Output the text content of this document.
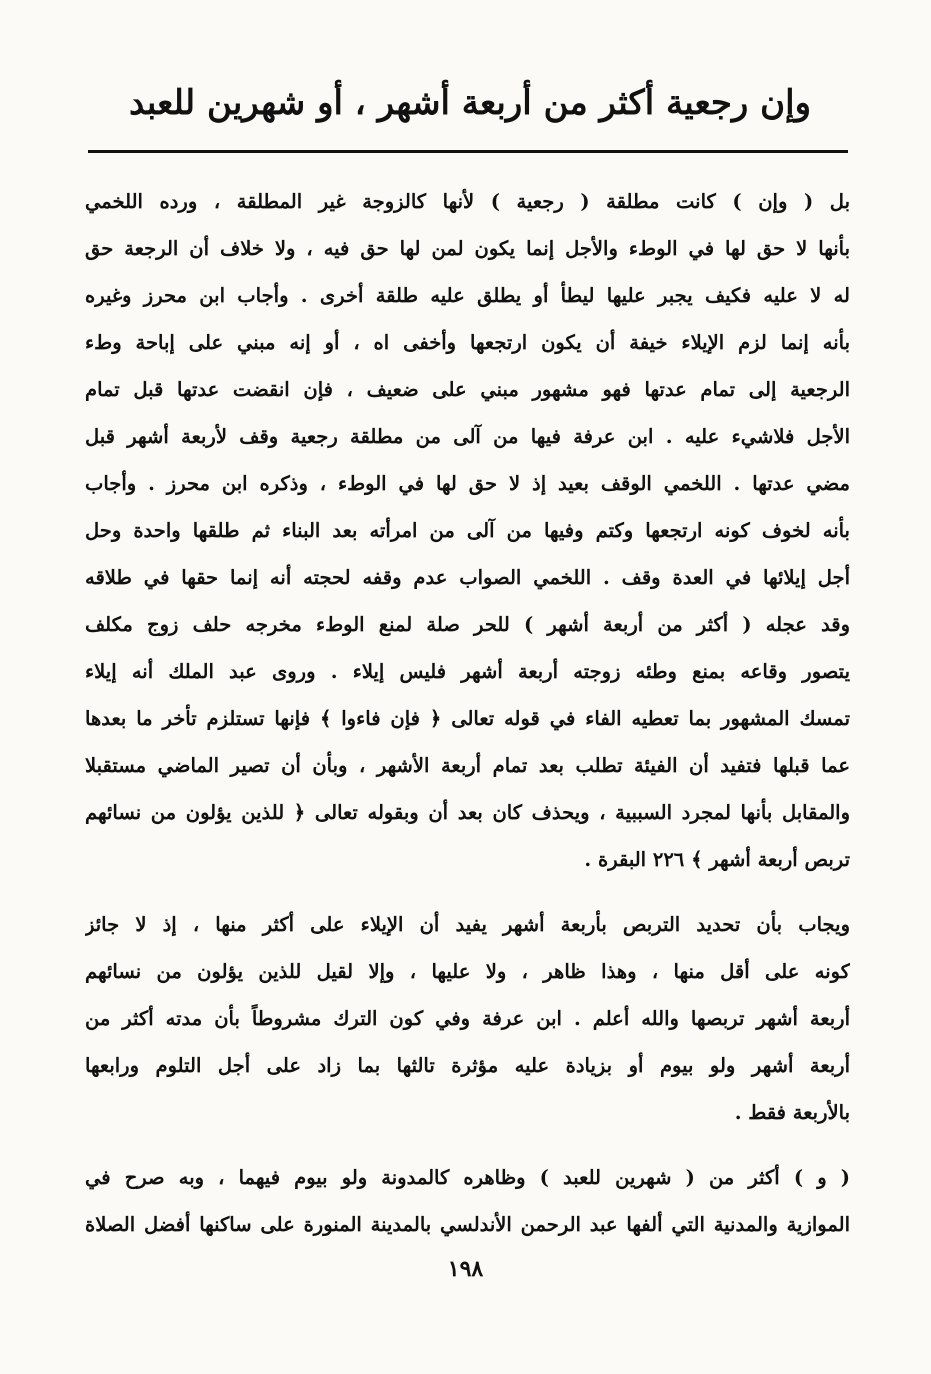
وإن رجعية أكثر من أربعة أشهر ، أو شهرين للعبد
بل ( وإن ) كانت مطلقة ( رجعية ) لأنها كالزوجة غير المطلقة ، ورده اللخمي
بأنها لا حق لها في الوطء والأجل إنما يكون لمن لها حق فيه ، ولا خلاف أن الرجعة حق
له لا عليه فكيف يجبر عليها ليطأ أو يطلق عليه طلقة أخرى . وأجاب ابن محرز وغيره
بأنه إنما لزم الإيلاء خيفة أن يكون ارتجعها وأخفى اه ، أو إنه مبني على إباحة وطء
الرجعية إلى تمام عدتها فهو مشهور مبني على ضعيف ، فإن انقضت عدتها قبل تمام
الأجل فلاشيء عليه . ابن عرفة فيها من آلى من مطلقة رجعية وقف لأربعة أشهر قبل
مضي عدتها . اللخمي الوقف بعيد إذ لا حق لها في الوطء ، وذكره ابن محرز . وأجاب
بأنه لخوف كونه ارتجعها وكتم وفيها من آلى من امرأته بعد البناء ثم طلقها واحدة وحل
أجل إيلائها في العدة وقف . اللخمي الصواب عدم وقفه لحجته أنه إنما حقها في طلاقه
وقد عجله ( أكثر من أربعة أشهر ) للحر صلة لمنع الوطء مخرجه حلف زوج مكلف
يتصور وقاعه بمنع وطئه زوجته أربعة أشهر فليس إيلاء . وروى عبد الملك أنه إيلاء
تمسك المشهور بما تعطيه الفاء في قوله تعالى ﴿ فإن فاءوا ﴾ فإنها تستلزم تأخر ما بعدها
عما قبلها فتفيد أن الفيئة تطلب بعد تمام أربعة الأشهر ، وبأن أن تصير الماضي مستقبلا
والمقابل بأنها لمجرد السببية ، ويحذف كان بعد أن وبقوله تعالى ﴿ للذين يؤلون من نسائهم
تربص أربعة أشهر ﴾ ٢٢٦ البقرة .
ويجاب بأن تحديد التربص بأربعة أشهر يفيد أن الإيلاء على أكثر منها ، إذ لا جائز
كونه على أقل منها ، وهذا ظاهر ، ولا عليها ، وإلا لقيل للذين يؤلون من نسائهم
أربعة أشهر تربصها والله أعلم . ابن عرفة وفي كون الترك مشروطاً بأن مدته أكثر من
أربعة أشهر ولو بيوم أو بزيادة عليه مؤثرة تالثها بما زاد على أجل التلوم ورابعها
بالأربعة فقط .
( و ) أكثر من ( شهرين للعبد ) وظاهره كالمدونة ولو بيوم فيهما ، وبه صرح في
الموازية والمدنية التي ألفها عبد الرحمن الأندلسي بالمدينة المنورة على ساكنها أفضل الصلاة
١٩٨
